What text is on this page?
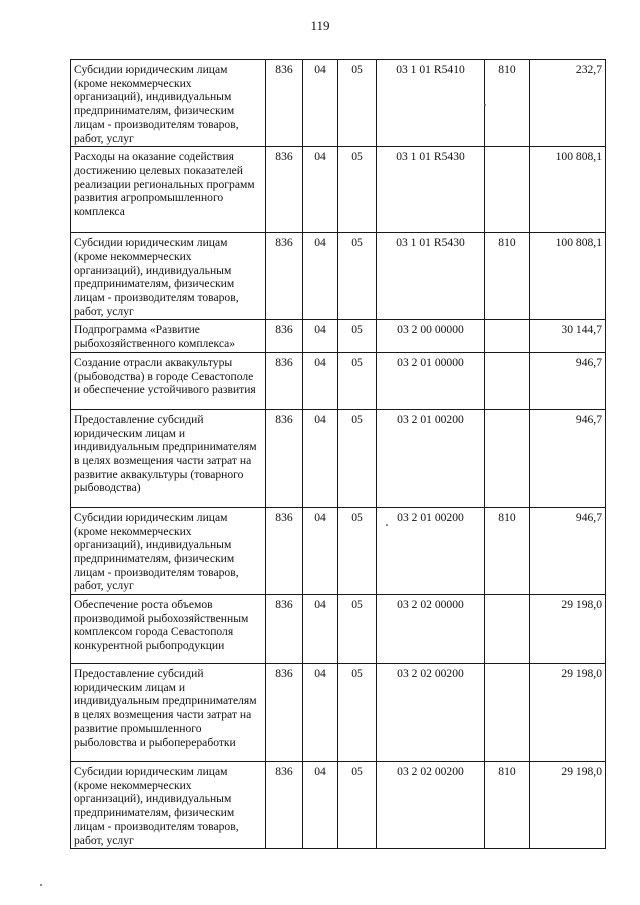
119
Субсидии юридическим лицам (кроме некоммерческих организаций), индивидуальным предпринимателям, физическим лицам - производителям товаров, работ, услуг	836	04	05	03 1 01 R5410	810	232,7
Расходы на оказание содействия достижению целевых показателей реализации региональных программ развития агропромышленного комплекса	836	04	05	03 1 01 R5430		100 808,1
Субсидии юридическим лицам (кроме некоммерческих организаций), индивидуальным предпринимателям, физическим лицам - производителям товаров, работ, услуг	836	04	05	03 1 01 R5430	810	100 808,1
Подпрограмма «Развитие рыбохозяйственного комплекса»	836	04	05	03 2 00 00000		30 144,7
Создание отрасли аквакультуры (рыбоводства) в городе Севастополе и обеспечение устойчивого развития	836	04	05	03 2 01 00000		946,7
Предоставление субсидий юридическим лицам и индивидуальным предпринимателям в целях возмещения части затрат на развитие аквакультуры (товарного рыбоводства)	836	04	05	03 2 01 00200		946,7
Субсидии юридическим лицам (кроме некоммерческих организаций), индивидуальным предпринимателям, физическим лицам - производителям товаров, работ, услуг	836	04	05	03 2 01 00200	810	946,7
Обеспечение роста объемов производимой рыбохозяйственным комплексом города Севастополя конкурентной рыбопродукции	836	04	05	03 2 02 00000		29 198,0
Предоставление субсидий юридическим лицам и индивидуальным предпринимателям в целях возмещения части затрат на развитие промышленного рыболовства и рыбопереработки	836	04	05	03 2 02 00200		29 198,0
Субсидии юридическим лицам (кроме некоммерческих организаций), индивидуальным предпринимателям, физическим лицам - производителям товаров, работ, услуг	836	04	05	03 2 02 00200	810	29 198,0
